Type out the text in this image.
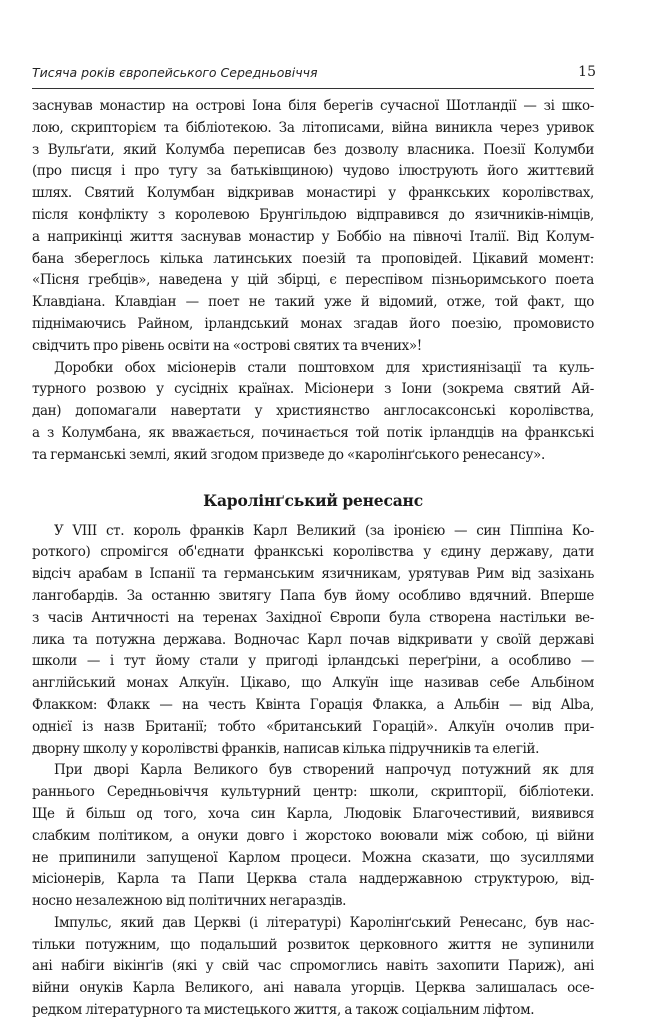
Тисяча років європейського Середньовіччя	15
заснував монастир на острові Іона біля берегів сучасної Шотландії — зі шко-
лою, скрипторієм та бібліотекою. За літописами, війна виникла через уривок
з Вульґати, який Колумба переписав без дозволу власника. Поезії Колумби
(про писця і про тугу за батьківщиною) чудово ілюструють його життєвий
шлях. Святий Колумбан відкривав монастирі у франкських королівствах,
після конфлікту з королевою Брунгільдою відправився до язичників-німців,
а наприкінці життя заснував монастир у Боббіо на півночі Італії. Від Колум-
бана збереглось кілька латинських поезій та проповідей. Цікавий момент:
«Пісня гребців», наведена у цій збірці, є переспівом пізньоримського поета
Клавдіана. Клавдіан — поет не такий уже й відомий, отже, той факт, що
піднімаючись Райном, ірландський монах згадав його поезію, промовисто
свідчить про рівень освіти на «острові святих та вчених»!
Доробки обох місіонерів стали поштовхом для християнізації та куль-
турного розвою у сусідніх країнах. Місіонери з Іони (зокрема святий Ай-
дан) допомагали навертати у християнство англосаксонські королівства,
а з Колумбана, як вважається, починається той потік ірландців на франкські
та германські землі, який згодом призведе до «каролінґського ренесансу».
Каролінґський ренесанс
У VIII ст. король франків Карл Великий (за іронією — син Піппіна Ко-
роткого) спромігся об'єднати франкські королівства у єдину державу, дати
відсіч арабам в Іспанії та германським язичникам, урятував Рим від зазіхань
лангобардів. За останню звитягу Папа був йому особливо вдячний. Вперше
з часів Античності на теренах Західної Європи була створена настільки ве-
лика та потужна держава. Водночас Карл почав відкривати у своїй державі
школи — і тут йому стали у пригоді ірландські переґріни, а особливо —
англійський монах Алкуїн. Цікаво, що Алкуїн іще називав себе Альбіном
Флакком: Флакк — на честь Квінта Горація Флакка, а Альбін — від Alba,
однієї із назв Британії; тобто «британський Горацій». Алкуїн очолив при-
дворну школу у королівстві франків, написав кілька підручників та елегій.
При дворі Карла Великого був створений напрочуд потужний як для
раннього Середньовіччя культурний центр: школи, скрипторії, бібліотеки.
Ще й більш од того, хоча син Карла, Людовік Благочестивий, виявився
слабким політиком, а онуки довго і жорстоко воювали між собою, ці війни
не припинили запущеної Карлом процеси. Можна сказати, що зусиллями
місіонерів, Карла та Папи Церква стала наддержавною структурою, від-
носно незалежною від політичних негараздів.
Імпульс, який дав Церкві (і літературі) Каролінґський Ренесанс, був нас-
тільки потужним, що подальший розвиток церковного життя не зупинили
ані набіги вікінґів (які у свій час спромоглись навіть захопити Париж), ані
війни онуків Карла Великого, ані навала угорців. Церква залишалась осе-
редком літературного та мистецького життя, а також соціальним ліфтом.
